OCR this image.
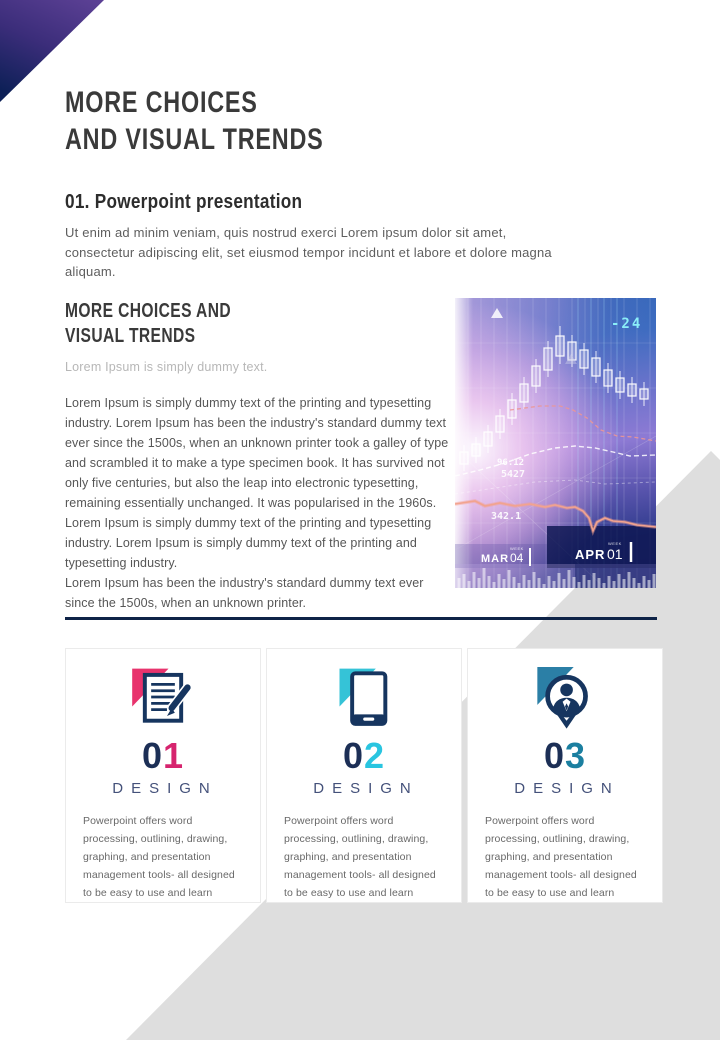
MORE CHOICES
AND VISUAL TRENDS
01. Powerpoint presentation

Ut enim ad minim veniam, quis nostrud exerci Lorem ipsum dolor sit amet, consectetur adipiscing elit, set eiusmod tempor incidunt et labore et dolore magna aliquam.

MORE CHOICES AND
VISUAL TRENDS
Lorem Ipsum is simply dummy text.

Lorem Ipsum is simply dummy text of the printing and typesetting industry. Lorem Ipsum has been the industry's standard dummy text ever since the 1500s, when an unknown printer took a galley of type and scrambled it to make a type specimen book. It has survived not only five centuries, but also the leap into electronic typesetting, remaining essentially unchanged. It was popularised in the 1960s. Lorem Ipsum is simply dummy text of the printing and typesetting industry. Lorem Ipsum is simply dummy text of the printing and typesetting industry.

Lorem Ipsum has been the industry's standard dummy text ever since the 1500s, when an unknown printer.

-24
96.12
5427
342.1
MAR 04
WEEK	APR 01
WEEK
01
DESIGN
Powerpoint offers word processing, outlining, drawing, graphing, and presentation management tools- all designed to be easy to use and learn
02
DESIGN
Powerpoint offers word processing, outlining, drawing, graphing, and presentation management tools- all designed to be easy to use and learn
03
DESIGN
Powerpoint offers word processing, outlining, drawing, graphing, and presentation management tools- all designed to be easy to use and learn
